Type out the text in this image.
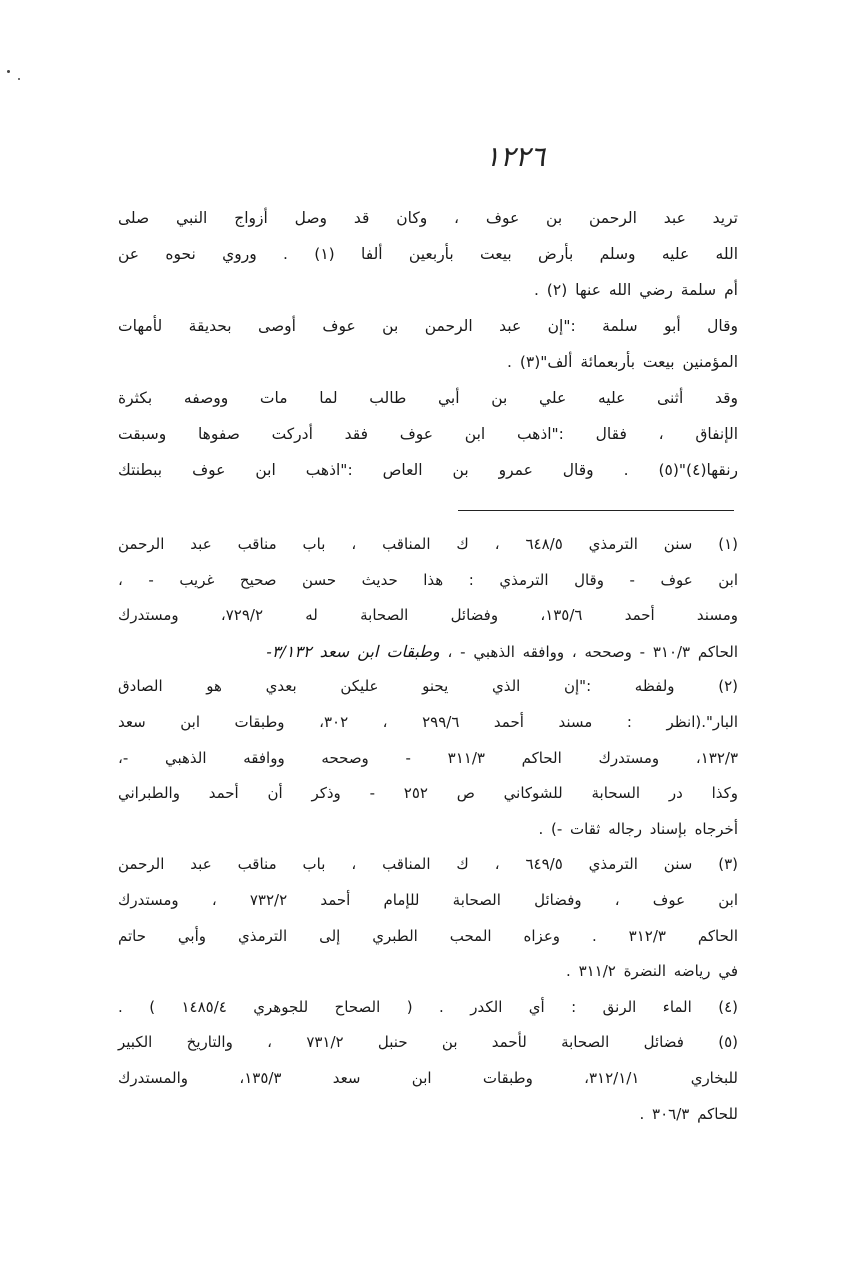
١٢٢٦
تريد عبد الرحمن بن عوف ، وكان قد وصل أزواج النبي صلى
الله عليه وسلم بأرض بيعت بأربعين ألفا (١) . وروي نحوه عن
أم سلمة رضي الله عنها (٢) .
وقال أبو سلمة :"إن عبد الرحمن بن عوف أوصى بحديقة لأمهات
المؤمنين بيعت بأربعمائة ألف"(٣) .
وقد أثنى عليه علي بن أبي طالب لما مات ووصفه بكثرة
الإنفاق ، فقال :"اذهب ابن عوف فقد أدركت صفوها وسبقت
رنقها(٤)"(٥) . وقال عمرو بن العاص :"اذهب ابن عوف ببطنتك
(١) سنن الترمذي ٦٤٨/٥ ، ك المناقب ، باب مناقب عبد الرحمن
ابن عوف - وقال الترمذي : هذا حديث حسن صحيح غريب - ،
ومسند أحمد ١٣٥/٦، وفضائل الصحابة له ٧٢٩/٢، ومستدرك
الحاكم ٣١٠/٣ - وصححه ، ووافقه الذهبي - ، وطبقات ابن سعد ٣/١٣٢-
(٢) ولفظه :"إن الذي يحنو عليكن بعدي هو الصادق
البار".(انظر : مسند أحمد ٢٩٩/٦ ، ٣٠٢، وطبقات ابن سعد
١٣٢/٣، ومستدرك الحاكم ٣١١/٣ - وصححه ووافقه الذهبي -،
وكذا در السحابة للشوكاني ص ٢٥٢ - وذكر أن أحمد والطبراني
أخرجاه بإسناد رجاله ثقات -) .
(٣) سنن الترمذي ٦٤٩/٥ ، ك المناقب ، باب مناقب عبد الرحمن
ابن عوف ، وفضائل الصحابة للإمام أحمد ٧٣٢/٢ ، ومستدرك
الحاكم ٣١٢/٣ . وعزاه المحب الطبري إلى الترمذي وأبي حاتم
في رياضه النضرة ٣١١/٢ .
(٤) الماء الرنق : أي الكدر . ( الصحاح للجوهري ١٤٨٥/٤ ) .
(٥) فضائل الصحابة لأحمد بن حنبل ٧٣١/٢ ، والتاريخ الكبير
للبخاري ٣١٢/١/١، وطبقات ابن سعد ١٣٥/٣، والمستدرك
للحاكم ٣٠٦/٣ .
